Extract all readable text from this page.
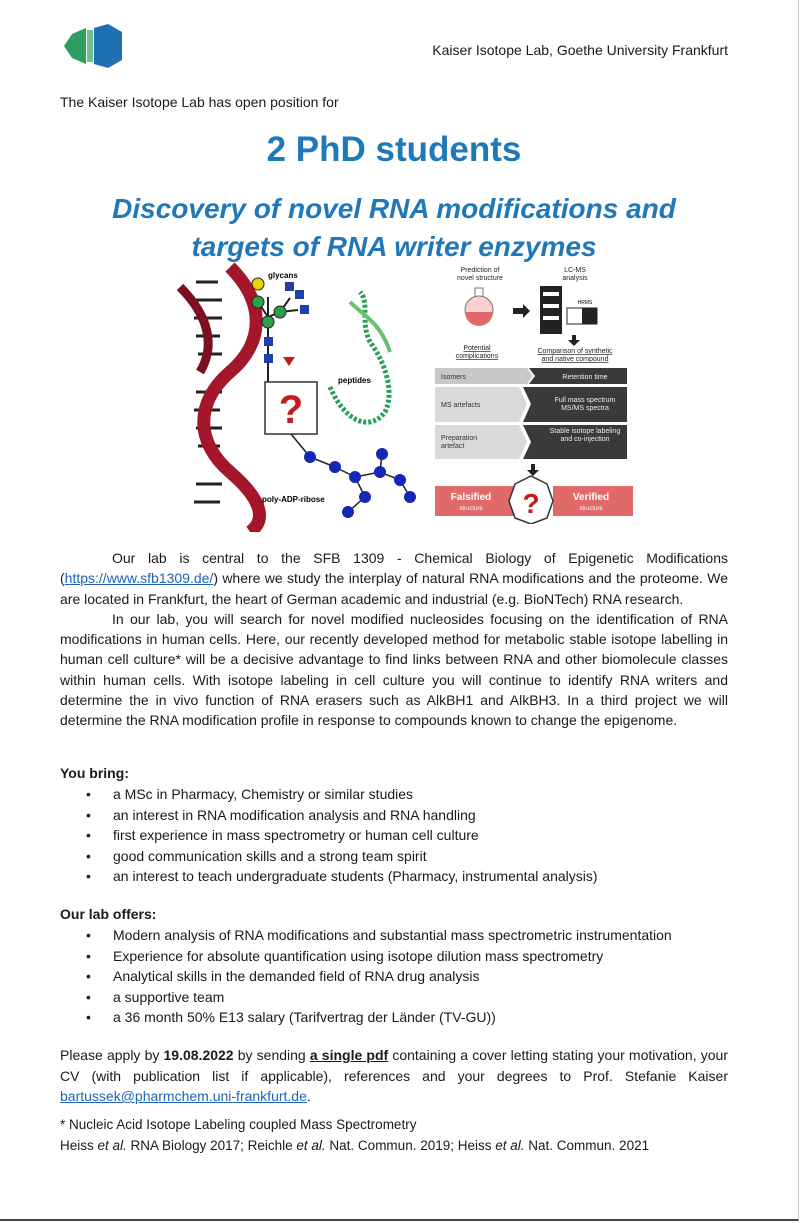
Kaiser Isotope Lab, Goethe University Frankfurt
The Kaiser Isotope Lab has open position for
2 PhD students
Discovery of novel RNA modifications and
targets of RNA writer enzymes
glycans
peptides
?
poly-ADP-ribose
Prediction of
novel structure
LC-MS
analysis
HRMS
Potential
complications
Comparison of synthetic
and native compound
Isomers
MS artefacts
Preparation
artefact
Retention time
Full mass spectrum
MS/MS spectra
Stable isotope labeling
and co-injection
?
Falsified
structure
Verified
structure

Our lab is central to the SFB 1309 - Chemical Biology of Epigenetic Modifications (https://www.sfb1309.de/) where we study the interplay of natural RNA modifications and the proteome. We are located in Frankfurt, the heart of German academic and industrial (e.g. BioNTech) RNA research.

In our lab, you will search for novel modified nucleosides focusing on the identification of RNA modifications in human cells. Here, our recently developed method for metabolic stable isotope labelling in human cell culture* will be a decisive advantage to find links between RNA and other biomolecule classes within human cells. With isotope labeling in cell culture you will continue to identify RNA writers and determine the in vivo function of RNA erasers such as AlkBH1 and AlkBH3. In a third project we will determine the RNA modification profile in response to compounds known to change the epigenome.

You bring:
• a MSc in Pharmacy, Chemistry or similar studies
• an interest in RNA modification analysis and RNA handling
• first experience in mass spectrometry or human cell culture
• good communication skills and a strong team spirit
• an interest to teach undergraduate students (Pharmacy, instrumental analysis)
Our lab offers:
• Modern analysis of RNA modifications and substantial mass spectrometric instrumentation
• Experience for absolute quantification using isotope dilution mass spectrometry
• Analytical skills in the demanded field of RNA drug analysis
• a supportive team
• a 36 month 50% E13 salary (Tarifvertrag der Länder (TV-GU))
Please apply by 19.08.2022 by sending a single pdf containing a cover letting stating your motivation, your CV (with publication list if applicable), references and your degrees to Prof. Stefanie Kaiser bartussek@pharmchem.uni-frankfurt.de.
* Nucleic Acid Isotope Labeling coupled Mass Spectrometry
Heiss et al. RNA Biology 2017; Reichle et al. Nat. Commun. 2019; Heiss et al. Nat. Commun. 2021
